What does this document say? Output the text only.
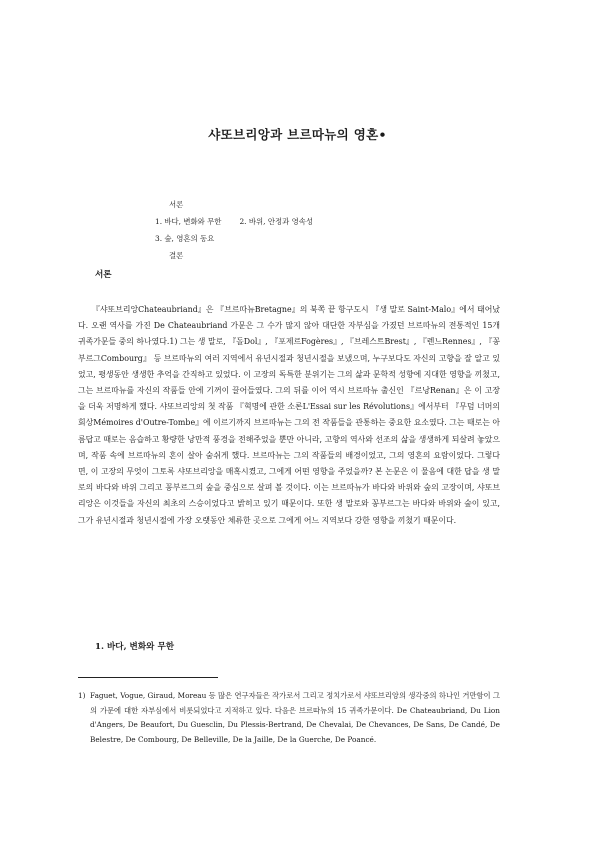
샤또브리앙과 브르따뉴의 영혼•
서론
1. 바다, 변화와 무한 2. 바위, 안정과 영속성
3. 숲, 영혼의 동요
결론
서론

『샤또브리앙Chateaubriand』은 『브르따뉴Bretagne』의 북쪽 끝 항구도시 『생 말로 Saint-Malo』에서 태어났다. 오랜 역사를 가진 De Chateaubriand 가문은 그 수가 많지 않아 대단한 자부심을 가졌던 브르따뉴의 전통적인 15개 귀족가문들 중의 하나였다.1) 그는 생 말로, 『돌Dol』, 『포제르Fogères』, 『브레스트Brest』, 『렌느Rennes』, 『꽁부르그Combourg』 등 브르따뉴의 여러 지역에서 유년시절과 청년시절을 보냈으며, 누구보다도 자신의 고향을 잘 알고 있었고, 평생동안 생생한 추억을 간직하고 있었다. 이 고장의 독특한 분위기는 그의 삶과 문학적 성향에 지대한 영향을 끼쳤고, 그는 브르따뉴를 자신의 작품들 안에 기꺼이 끌어들였다. 그의 뒤를 이어 역시 브르따뉴 출신인 『르낭Renan』은 이 고장을 더욱 저명하게 했다. 샤또브리앙의 첫 작품 『혁명에 관한 소론L'Essai sur les Révolutions』에서부터 『무덤 너머의 회상Mémoires d'Outre-Tombe』에 이르기까지 브르따뉴는 그의 전 작품들을 관통하는 중요한 요소였다. 그는 때로는 아름답고 때로는 음습하고 황량한 낭만적 풍경을 전해주었을 뿐만 아니라, 고향의 역사와 선조의 삶을 생생하게 되살려 놓았으며, 작품 속에 브르따뉴의 혼이 살아 숨쉬게 했다. 브르따뉴는 그의 작품들의 배경이었고, 그의 영혼의 요람이었다. 그렇다면, 이 고장의 무엇이 그토록 샤또브리앙을 매혹시켰고, 그에게 어떤 영향을 주었을까? 본 논문은 이 물음에 대한 답을 생 말로의 바다와 바위 그리고 꽁부르그의 숲을 중심으로 살펴 볼 것이다. 이는 브르따뉴가 바다와 바위와 숲의 고장이며, 샤또브리앙은 이것들을 자신의 최초의 스승이었다고 밝히고 있기 때문이다. 또한 생 말로와 꽁부르그는 바다와 바위와 숲이 있고, 그가 유년시절과 청년시절에 가장 오랫동안 체류한 곳으로 그에게 어느 지역보다 강한 영향을 끼쳤기 때문이다.

1. 바다, 변화와 무한
1) Faguet, Vogue, Giraud, Moreau 등 많은 연구자들은 작가로서 그리고 정치가로서 샤또브리앙의 생각중의 하나인 거만함이 그의 가문에 대한 자부심에서 비롯되었다고 지적하고 있다. 다음은 브르따뉴의 15 귀족가문이다. De Chateaubriand, Du Lion d'Angers, De Beaufort, Du Guesclin, Du Plessis-Bertrand, De Chevalai, De Chevances, De Sans, De Candé, De Belestre, De Combourg, De Belleville, De la Jaille, De la Guerche, De Poancé.
